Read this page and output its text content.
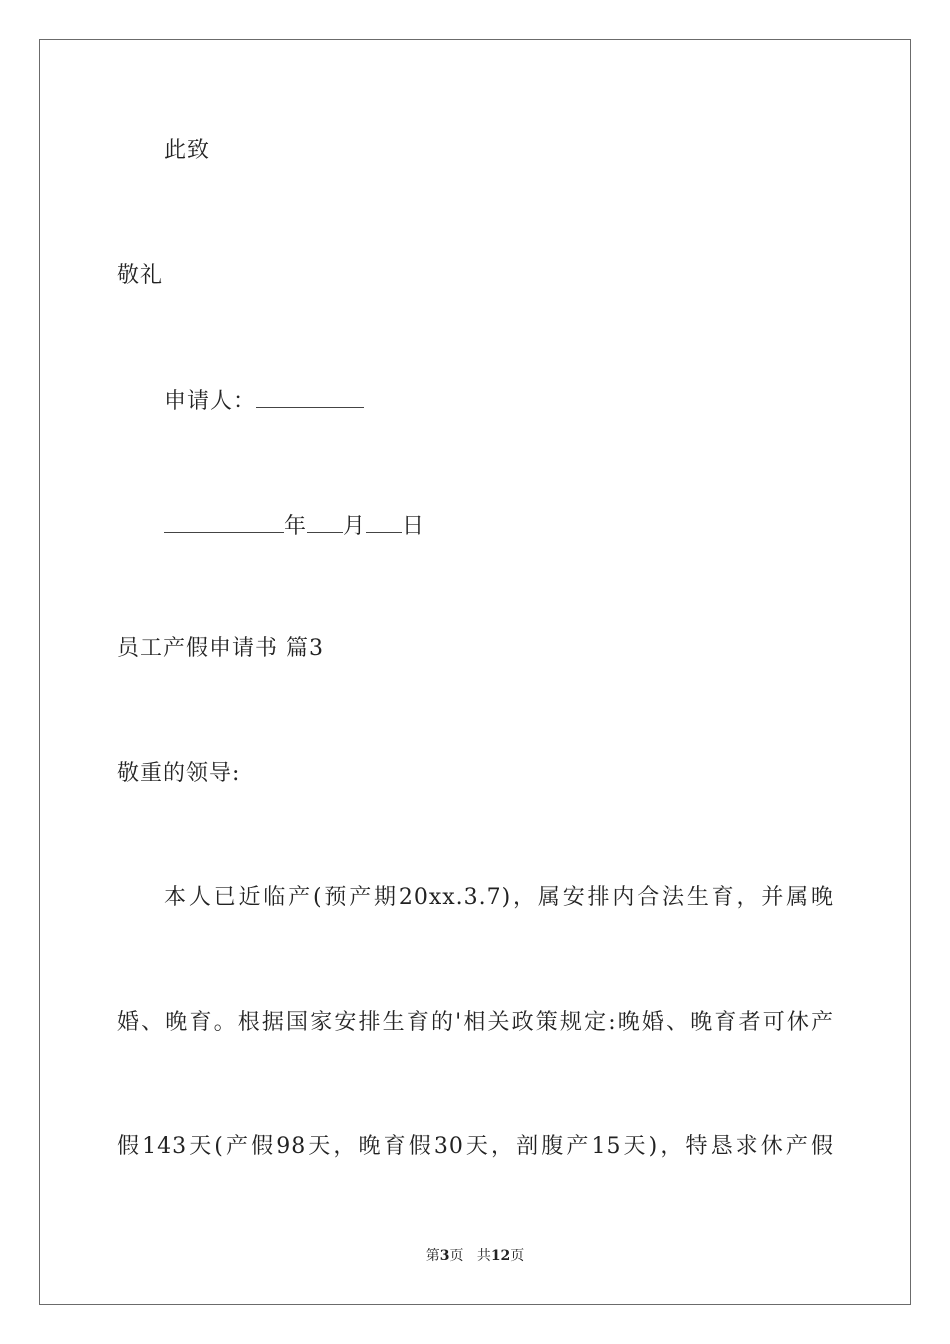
此致
敬礼
申请人：
年 月 日
员工产假申请书 篇3
敬重的领导:
本人已近临产(预产期20xx.3.7)，属安排内合法生育，并属晚
婚、晚育。根据国家安排生育的'相关政策规定:晚婚、晚育者可休产
假143天(产假98天，晚育假30天，剖腹产15天)，特恳求休产假
第3页 共12页
